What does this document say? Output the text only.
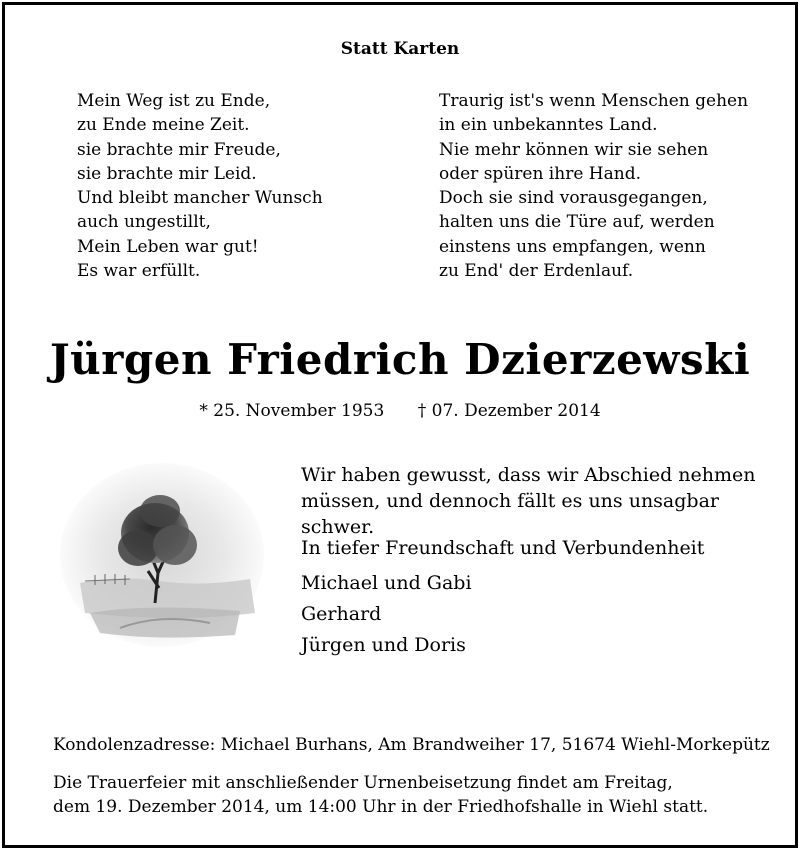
Statt Karten
Mein Weg ist zu Ende,
zu Ende meine Zeit.
sie brachte mir Freude,
sie brachte mir Leid.
Und bleibt mancher Wunsch
auch ungestillt,
Mein Leben war gut!
Es war erfüllt.
Traurig ist's wenn Menschen gehen
in ein unbekanntes Land.
Nie mehr können wir sie sehen
oder spüren ihre Hand.
Doch sie sind vorausgegangen,
halten uns die Türe auf, werden
einstens uns empfangen, wenn
zu End' der Erdenlauf.
Jürgen Friedrich Dzierzewski
* 25. November 1953 † 07. Dezember 2014
Wir haben gewusst, dass wir Abschied nehmen
müssen, und dennoch fällt es uns unsagbar schwer.
In tiefer Freundschaft und Verbundenheit
Michael und Gabi
Gerhard
Jürgen und Doris
Kondolenzadresse: Michael Burhans, Am Brandweiher 17, 51674 Wiehl-Morkepütz
Die Trauerfeier mit anschließender Urnenbeisetzung findet am Freitag,
dem 19. Dezember 2014, um 14:00 Uhr in der Friedhofshalle in Wiehl statt.
